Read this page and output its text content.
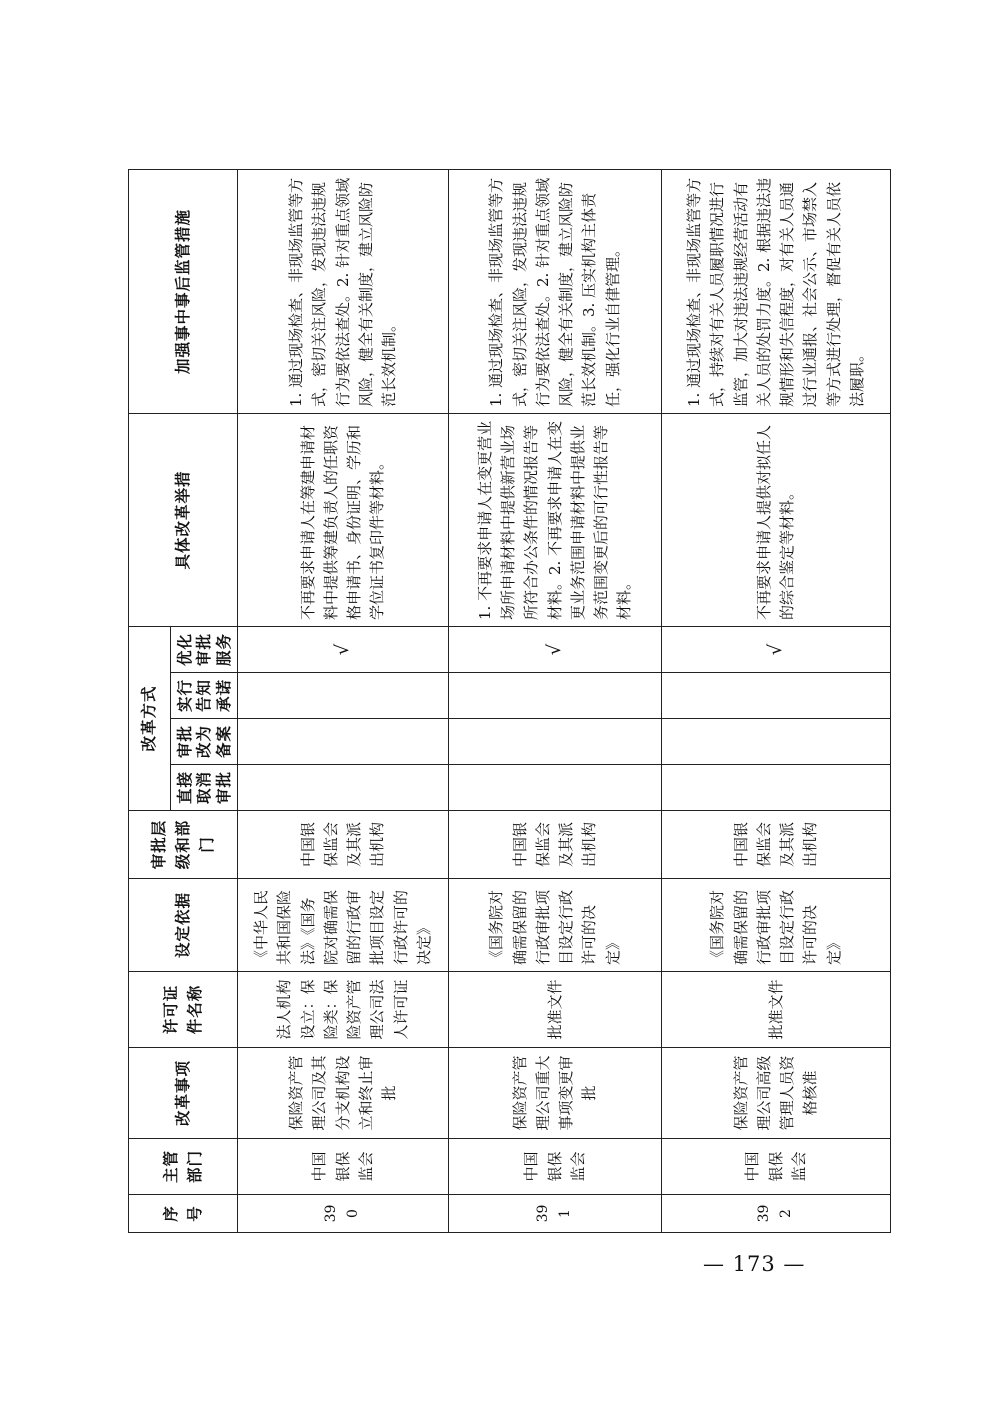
序号	主管部门	改革事项	许可证件名称	设定依据	审批层级和部门	改革方式				具体改革举措	加强事中事后监管措施
						直接取消审批	审批改为备案	实行告知承诺	优化审批服务		
390	中国银保监会	保险资产管理公司及其分支机构设立和终止审批	法人机构设立：保险类：保险资产管理公司法人许可证	《中华人民共和国保险法》《国务院对确需保留的行政审批项目设定行政许可的决定》	中国银保监会及其派出机构				√	不再要求申请人在筹建申请材料中提供筹建负责人的任职资格申请书、身份证明、学历和学位证书复印件等材料。	1. 通过现场检查、非现场监管等方式，密切关注风险，发现违法违规行为要依法查处。2. 针对重点领域风险，健全有关制度，建立风险防范长效机制。
391	中国银保监会	保险资产管理公司重大事项变更审批	批准文件	《国务院对确需保留的行政审批项目设定行政许可的决定》	中国银保监会及其派出机构				√	1. 不再要求申请人在变更营业场所申请材料中提供新营业场所符合办公条件的情况报告等材料。2. 不再要求申请人在变更业务范围申请材料中提供业务范围变更后的可行性报告等材料。	1. 通过现场检查、非现场监管等方式，密切关注风险，发现违法违规行为要依法查处。2. 针对重点领域风险，健全有关制度，建立风险防范长效机制。3. 压实机构主体责任，强化行业自律管理。
392	中国银保监会	保险资产管理公司高级管理人员资格核准	批准文件	《国务院对确需保留的行政审批项目设定行政许可的决定》	中国银保监会及其派出机构				√	不再要求申请人提供对拟任人的综合鉴定等材料。	1. 通过现场检查、非现场监管等方式，持续对有关人员履职情况进行监管，加大对违法违规经营活动有关人员的处罚力度。2. 根据违法违规情形和失信程度，对有关人员通过行业通报、社会公示、市场禁入等方式进行处理，督促有关人员依法履职。
— 173 —
